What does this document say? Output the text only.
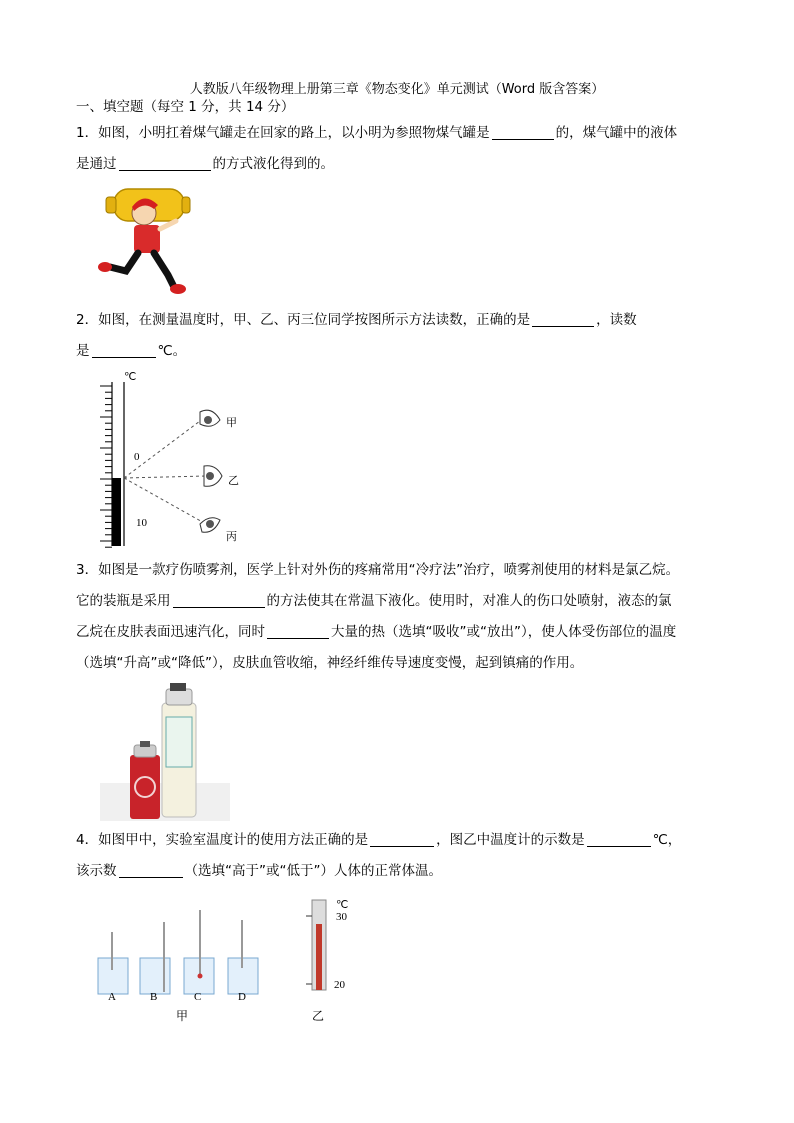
人教版八年级物理上册第三章《物态变化》单元测试（Word 版含答案）
一、填空题（每空 1 分，共 14 分）
1．如图，小明扛着煤气罐走在回家的路上，以小明为参照物煤气罐是	的，煤气罐中的液体
是通过	的方式液化得到的。
2．如图，在测量温度时，甲、乙、丙三位同学按图所示方法读数，正确的是	，读数
是	℃。
℃
0
10
甲
乙
丙
3．如图是一款疗伤喷雾剂，医学上针对外伤的疼痛常用“冷疗法”治疗，喷雾剂使用的材料是氯乙烷。
它的装瓶是采用	的方法使其在常温下液化。使用时，对准人的伤口处喷射，液态的氯
乙烷在皮肤表面迅速汽化，同时	大量的热（选填“吸收”或“放出”），使人体受伤部位的温度
（选填“升高”或“降低”），皮肤血管收缩，神经纤维传导速度变慢，起到镇痛的作用。
4．如图甲中，实验室温度计的使用方法正确的是	，图乙中温度计的示数是	℃，
该示数	（选填“高于”或“低于”）人体的正常体温。
A	B	C	D
甲
℃
30
20
乙
